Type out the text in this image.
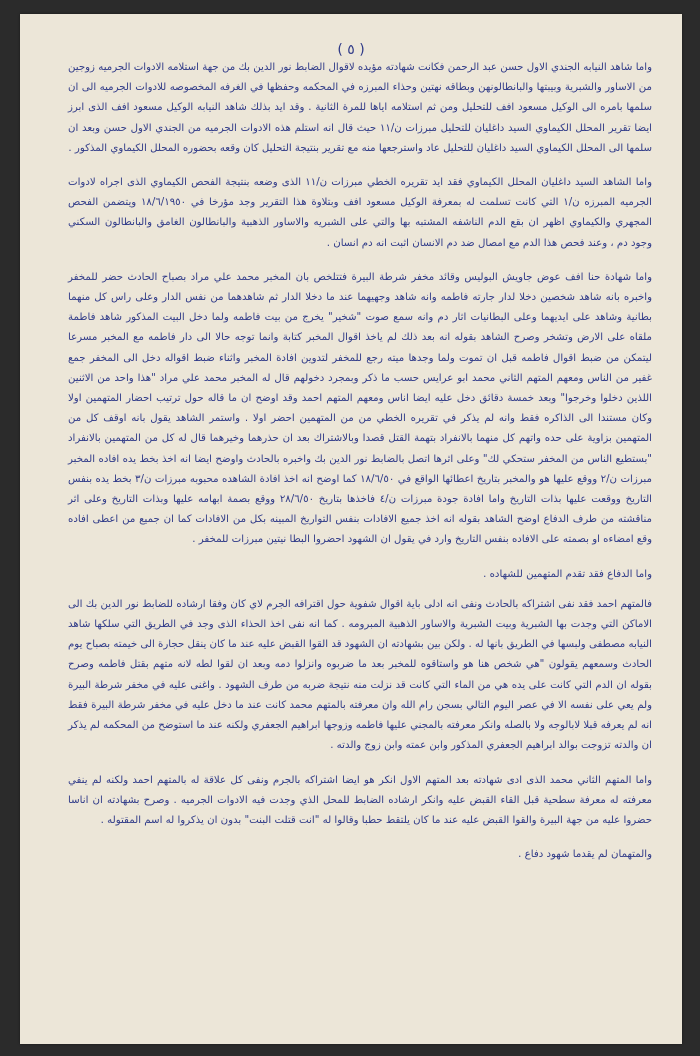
( ٥ )

واما شاهد النيابه الجندي الاول حسن عبد الرحمن فكانت شهادته مؤيده لاقوال الضابط نور الدين بك من جهة استلامه الادوات الجرميه زوجين من الاساور والشبرية وبيبتها والبانطالونهن وبطاقه نهتين وحذاء المبرزه في المحكمه وحفظها في الغرفه المخصوصه للادوات الجرميه الى ان سلمها بامره الى الوكيل مسعود افف للتحليل ومن ثم استلامه اياها للمرة الثانية . وقد ايد بذلك شاهد النيابه الوكيل مسعود افف الذى ابرز ايضا تقرير المحلل الكيماوي السيد داغليان للتحليل مبرزات ن/١١ حيث قال انه استلم هذه الادوات الجرميه من الجندي الاول حسن وبعد ان سلمها الى المحلل الكيماوي السيد داغليان للتحليل عاد واسترجعها منه مع تقرير بنتيجة التحليل كان وقعه بحضوره المحلل الكيماوي المذكور .

واما الشاهد السيد داغليان المحلل الكيماوي فقد ايد تقريره الخطي مبرزات ن/١١ الذى وضعه بنتيجة الفحص الكيماوي الذى اجراه لادوات الجرميه المبرزه ن/١ التي كانت تسلمت له بمعرفة الوكيل مسعود افف وبتلاوة هذا التقرير وجد مؤرخا في ١٨/٦/١٩٥٠ ويتضمن الفحص المجهري والكيماوي اظهر ان بقع الدم الناشفه المشتبه بها والتي على الشبريه والاساور الذهبية والبانطالون الغامق والبانطالون السكني وجود دم ، وعند فحص هذا الدم مع امصال ضد دم الانسان اثبت انه دم انسان .

واما شهادة حنا افف عوض جاويش البوليس وقائد مخفر شرطة البيرة فتتلخص بان المخبر محمد علي مراد بصباح الحادث حضر للمخفر واخبره بانه شاهد شخصين دخلا لدار جارته فاطمه وانه شاهد وجهيهما عند ما دخلا الدار ثم شاهدهما من نفس الدار وعلى راس كل منهما بطانية وشاهد على ايديهما وعلى البطانيات اثار دم وانه سمع صوت "شخير" يخرج من بيت فاطمه ولما دخل البيت المذكور شاهد فاطمة ملقاه على الارض وتشخر وصرح الشاهد بقوله انه بعد ذلك لم ياخذ اقوال المخبر كتابة وانما توجه حالا الى دار فاطمه مع المخبر مسرعا ليتمكن من ضبط اقوال فاطمه قبل ان تموت ولما وجدها ميته رجع للمخفر لتدوين افادة المخبر واثناء ضبط اقواله دخل الى المخفر جمع غفير من الناس ومعهم المتهم الثاني محمد ابو عرايس حسب ما ذكر وبمجرد دخولهم قال له المخبر محمد علي مراد "هذا واحد من الاثنين اللذين دخلوا وخرجوا" وبعد خمسة دقائق دخل عليه ايضا اناس ومعهم المتهم احمد وقد اوضح ان ما قاله حول ترتيب احضار المتهمين اولا وكان مستندا الى الذاكره فقط وانه لم يذكر في تقريره الخطي من من المتهمين احضر اولا . واستمر الشاهد يقول بانه اوقف كل من المتهمين بزاوية على حده واتهم كل منهما بالانفراد بتهمة القتل قصدا وبالاشتراك بعد ان حذرهما وخيرهما قال له كل من المتهمين بالانفراد "بستطيع الناس من المخفر ستحكي لك" وعلى اثرها اتصل بالضابط نور الدين بك واخبره بالحادث واوضح ايضا انه اخذ بخط يده افاده المخبر مبرزات ن/٢ ووقع عليها هو والمخبر بتاريخ اعطائها الواقع في ١٨/٦/٥٠ كما اوضح انه اخذ افادة الشاهده محبوبه مبرزات ن/٣ بخط يده بنفس التاريخ ووقعت عليها بذات التاريخ واما افادة جودة مبرزات ن/٤ فاخذها بتاريخ ٢٨/٦/٥٠ ووقع بصمة ابهامه عليها وبذات التاريخ وعلى اثر مناقشته من طرف الدفاع اوضح الشاهد بقوله انه اخذ جميع الافادات بنفس التواريخ المبينه بكل من الافادات كما ان جميع من اعطى افاده وقع امضاءه او بصمته على الافاده بنفس التاريخ وارد في يقول ان الشهود احضروا البطا نيتين مبرزات للمخفر .

واما الدفاع فقد تقدم المتهمين للشهاده .

فالمتهم احمد فقد نفى اشتراكه بالحادث ونفى انه ادلى باية اقوال شفوية حول اقترافه الجرم لاي كان وفقا ارشاده للضابط نور الدين بك الى الاماكن التي وجدت بها الشبرية وبيت الشبرية والاساور الذهبية المبرومه . كما انه نفى اخذ الحذاء الذى وجد في الطريق التي سلكها شاهد النيابه مصطفى ولبسها في الطريق بانها له . ولكن بين بشهادته ان الشهود قد القوا القبض عليه عند ما كان ينقل حجارة الى خيمته بصباح يوم الحادث وسمعهم يقولون "هي شخص هنا هو واستاقوه للمخبر بعد ما ضربوه وانزلوا دمه وبعد ان لقوا لطه لانه متهم بقتل فاطمه وصرح بقوله ان الدم التي كانت على يده هي من الماء التي كانت قد نزلت منه نتيجة ضربه من طرف الشهود . واغنى عليه في مخفر شرطة البيرة ولم يعي على نفسه الا في عصر اليوم التالي بسجن رام الله وان معرفته بالمتهم محمد كانت عند ما دخل عليه في مخفر شرطة البيرة فقط انه لم يعرفه قبلا لابالوجه ولا بالصله وانكر معرفته بالمجني عليها فاطمه وزوجها ابراهيم الجعفري ولكنه عند ما استوضح من المحكمه لم يذكر ان والدته تزوجت بوالد ابراهيم الجعفري المذكور وابن عمته وابن زوج والدته .

واما المتهم الثاني محمد الذى ادى شهادته بعد المتهم الاول انكر هو ايضا اشتراكه بالجرم ونفى كل علاقة له بالمتهم احمد ولكنه لم ينفي معرفته له معرفة سطحية قبل القاء القبض عليه وانكر ارشاده الضابط للمحل الذي وجدت فيه الادوات الجرميه . وصرح بشهادته ان اناسا حضروا عليه من جهة البيرة والقوا القبض عليه عند ما كان يلتقط حطبا وقالوا له "انت قتلت البنت" بدون ان يذكروا له اسم المقتوله .

والمتهمان لم يقدما شهود دفاع .
